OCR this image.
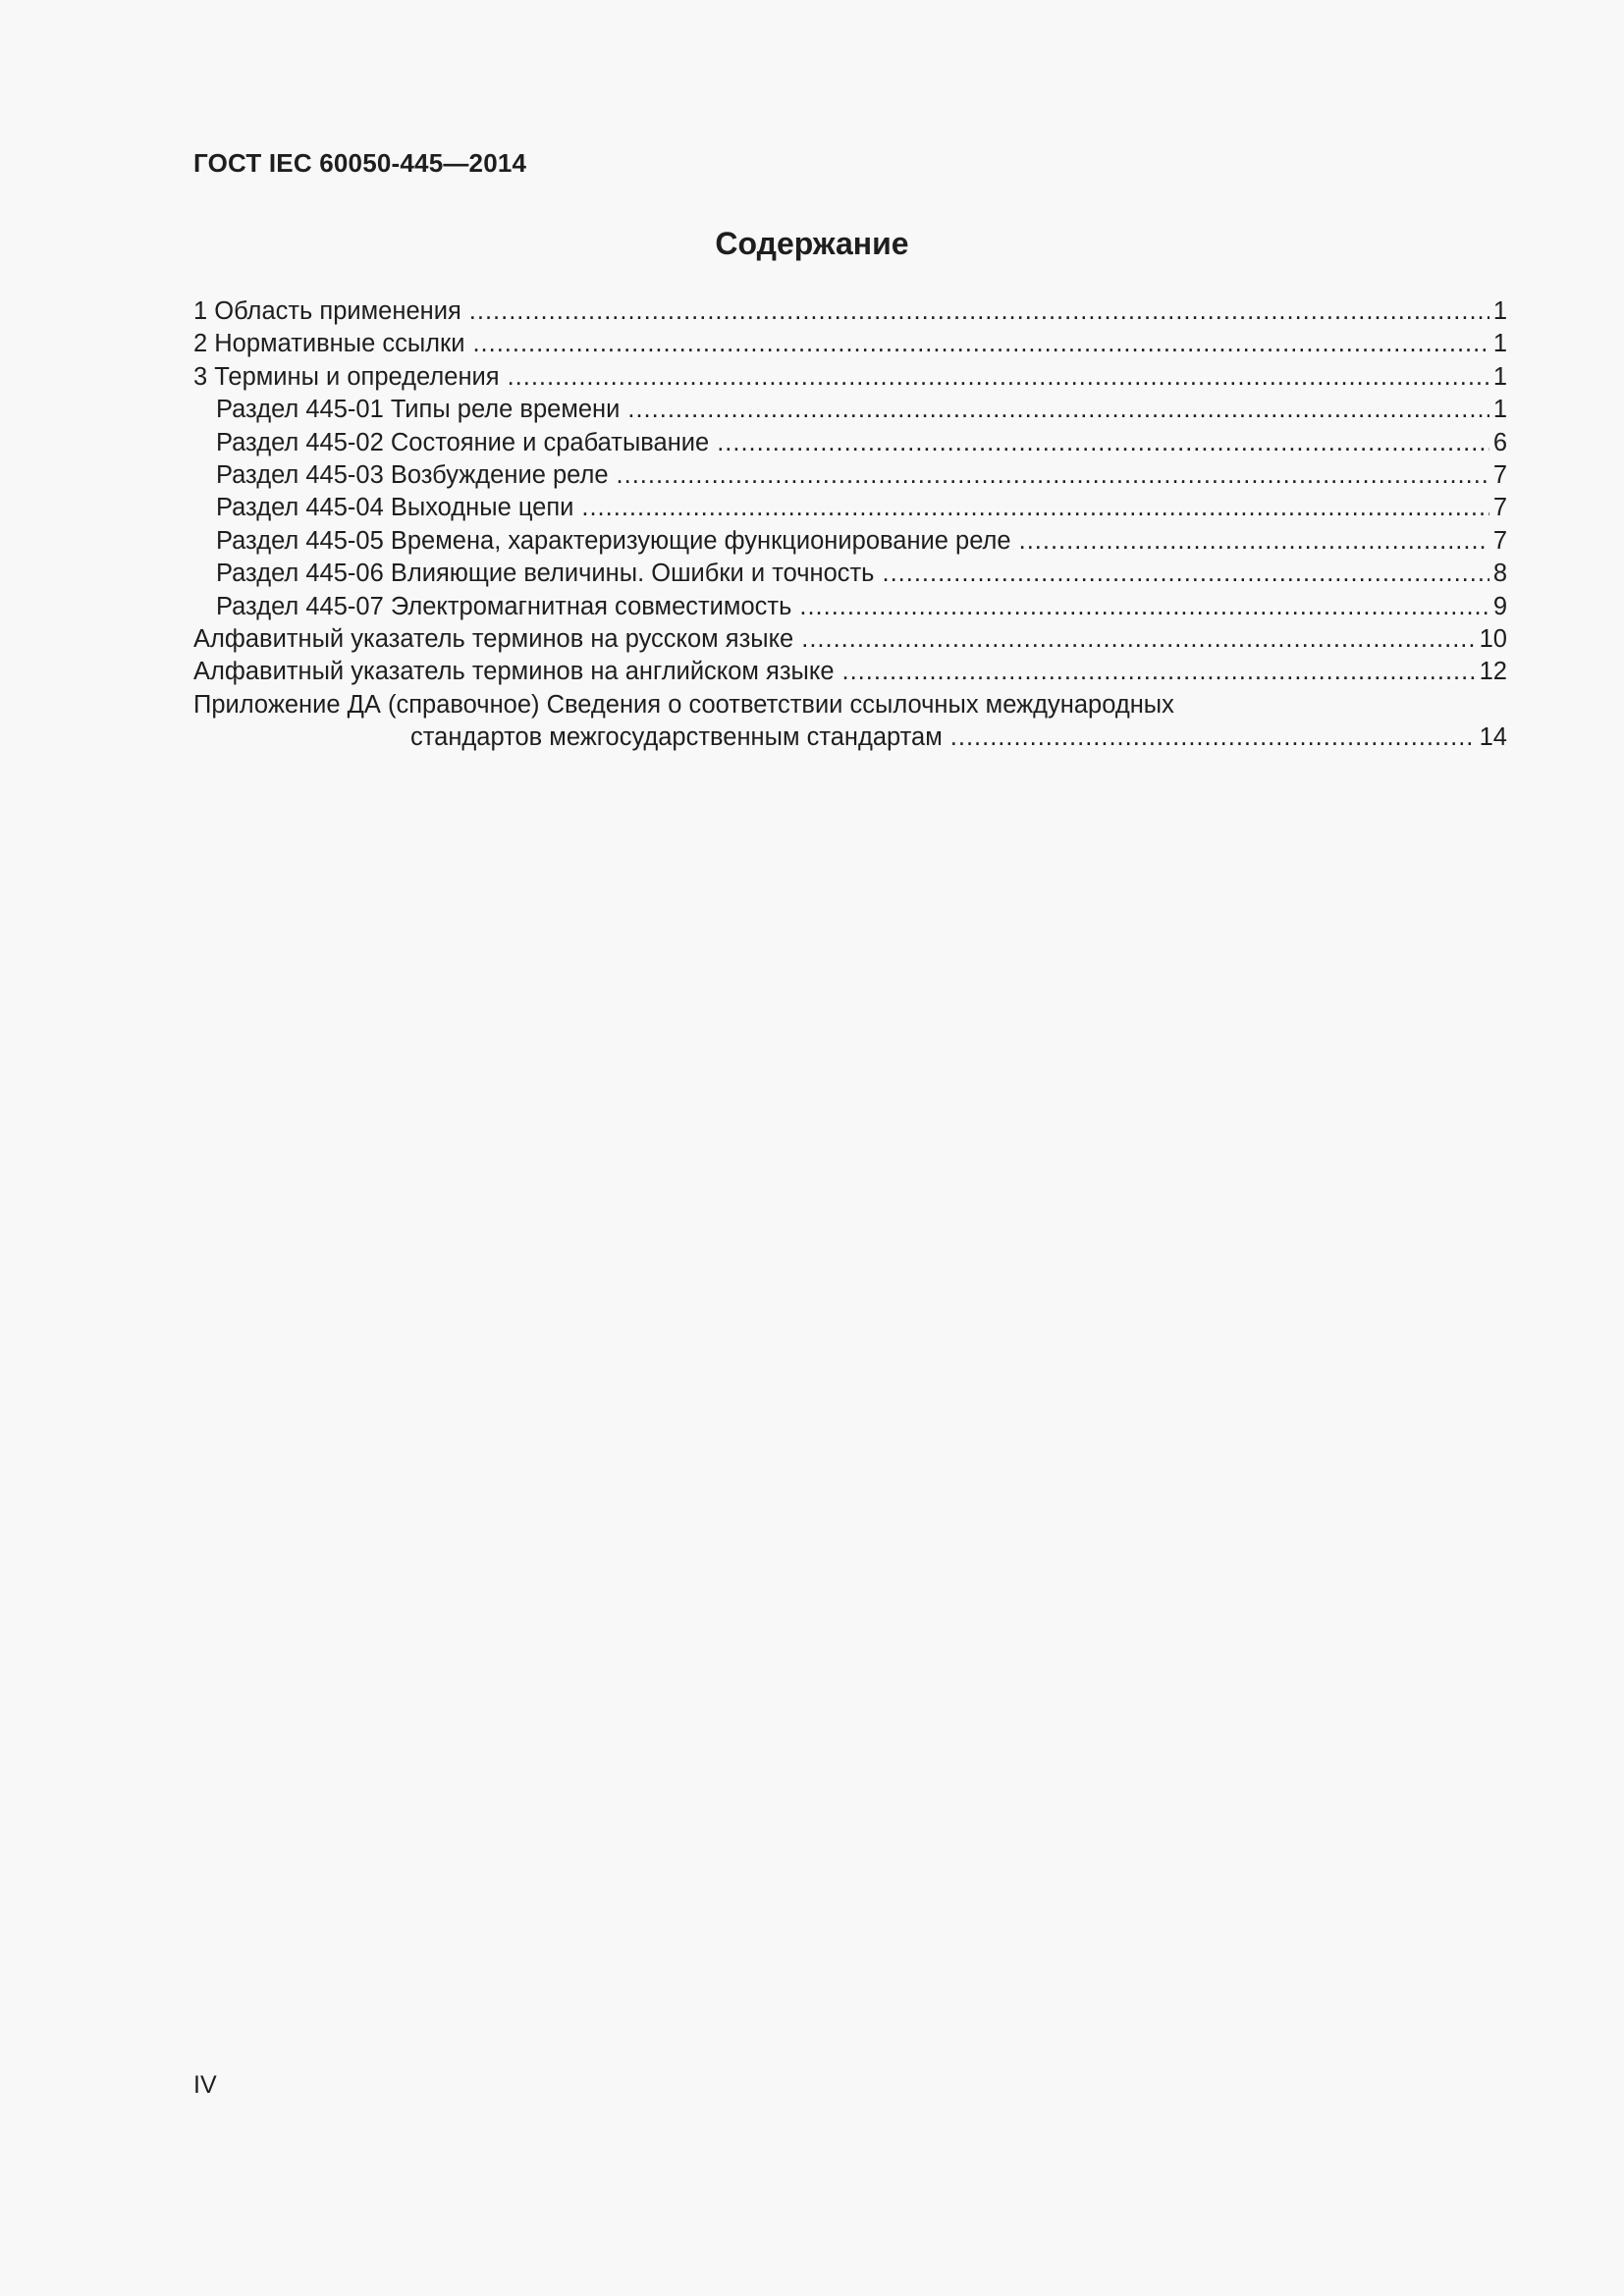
ГОСТ IEC 60050-445—2014
Содержание
1 Область применения .....	1
2 Нормативные ссылки .....	1
3 Термины и определения .....	1
Раздел 445-01 Типы реле времени .....	1
Раздел 445-02 Состояние и срабатывание .....	6
Раздел 445-03 Возбуждение реле .....	7
Раздел 445-04 Выходные цепи .....	7
Раздел 445-05 Времена, характеризующие функционирование реле .....	7
Раздел 445-06 Влияющие величины. Ошибки и точность .....	8
Раздел 445-07 Электромагнитная совместимость .....	9
Алфавитный указатель терминов на русском языке .....	10
Алфавитный указатель терминов на английском языке .....	12
Приложение ДА (справочное) Сведения о соответствии ссылочных международных
стандартов межгосударственным стандартам .....	14
IV
